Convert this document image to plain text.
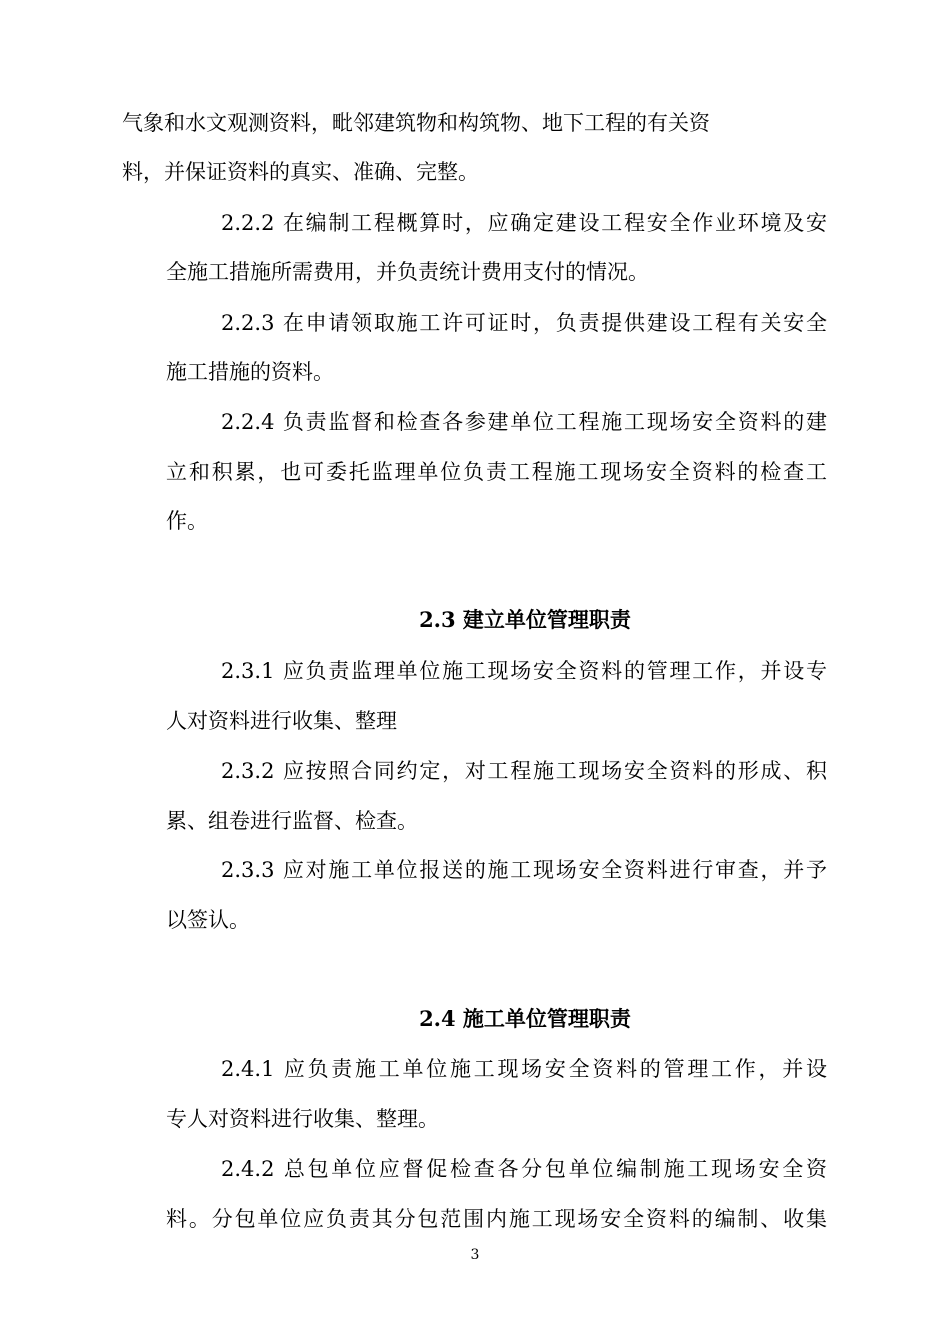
气象和水文观测资料，毗邻建筑物和构筑物、地下工程的有关资
料，并保证资料的真实、准确、完整。
2.2.2 在编制工程概算时，应确定建设工程安全作业环境及安
全施工措施所需费用，并负责统计费用支付的情况。
2.2.3 在申请领取施工许可证时，负责提供建设工程有关安全
施工措施的资料。
2.2.4 负责监督和检查各参建单位工程施工现场安全资料的建
立和积累，也可委托监理单位负责工程施工现场安全资料的检查工
作。
2.3 建立单位管理职责
2.3.1 应负责监理单位施工现场安全资料的管理工作，并设专
人对资料进行收集、整理
2.3.2 应按照合同约定，对工程施工现场安全资料的形成、积
累、组卷进行监督、检查。
2.3.3 应对施工单位报送的施工现场安全资料进行审查，并予
以签认。
2.4 施工单位管理职责
2.4.1 应负责施工单位施工现场安全资料的管理工作，并设
专人对资料进行收集、整理。
2.4.2 总包单位应督促检查各分包单位编制施工现场安全资
料。分包单位应负责其分包范围内施工现场安全资料的编制、收集
3
